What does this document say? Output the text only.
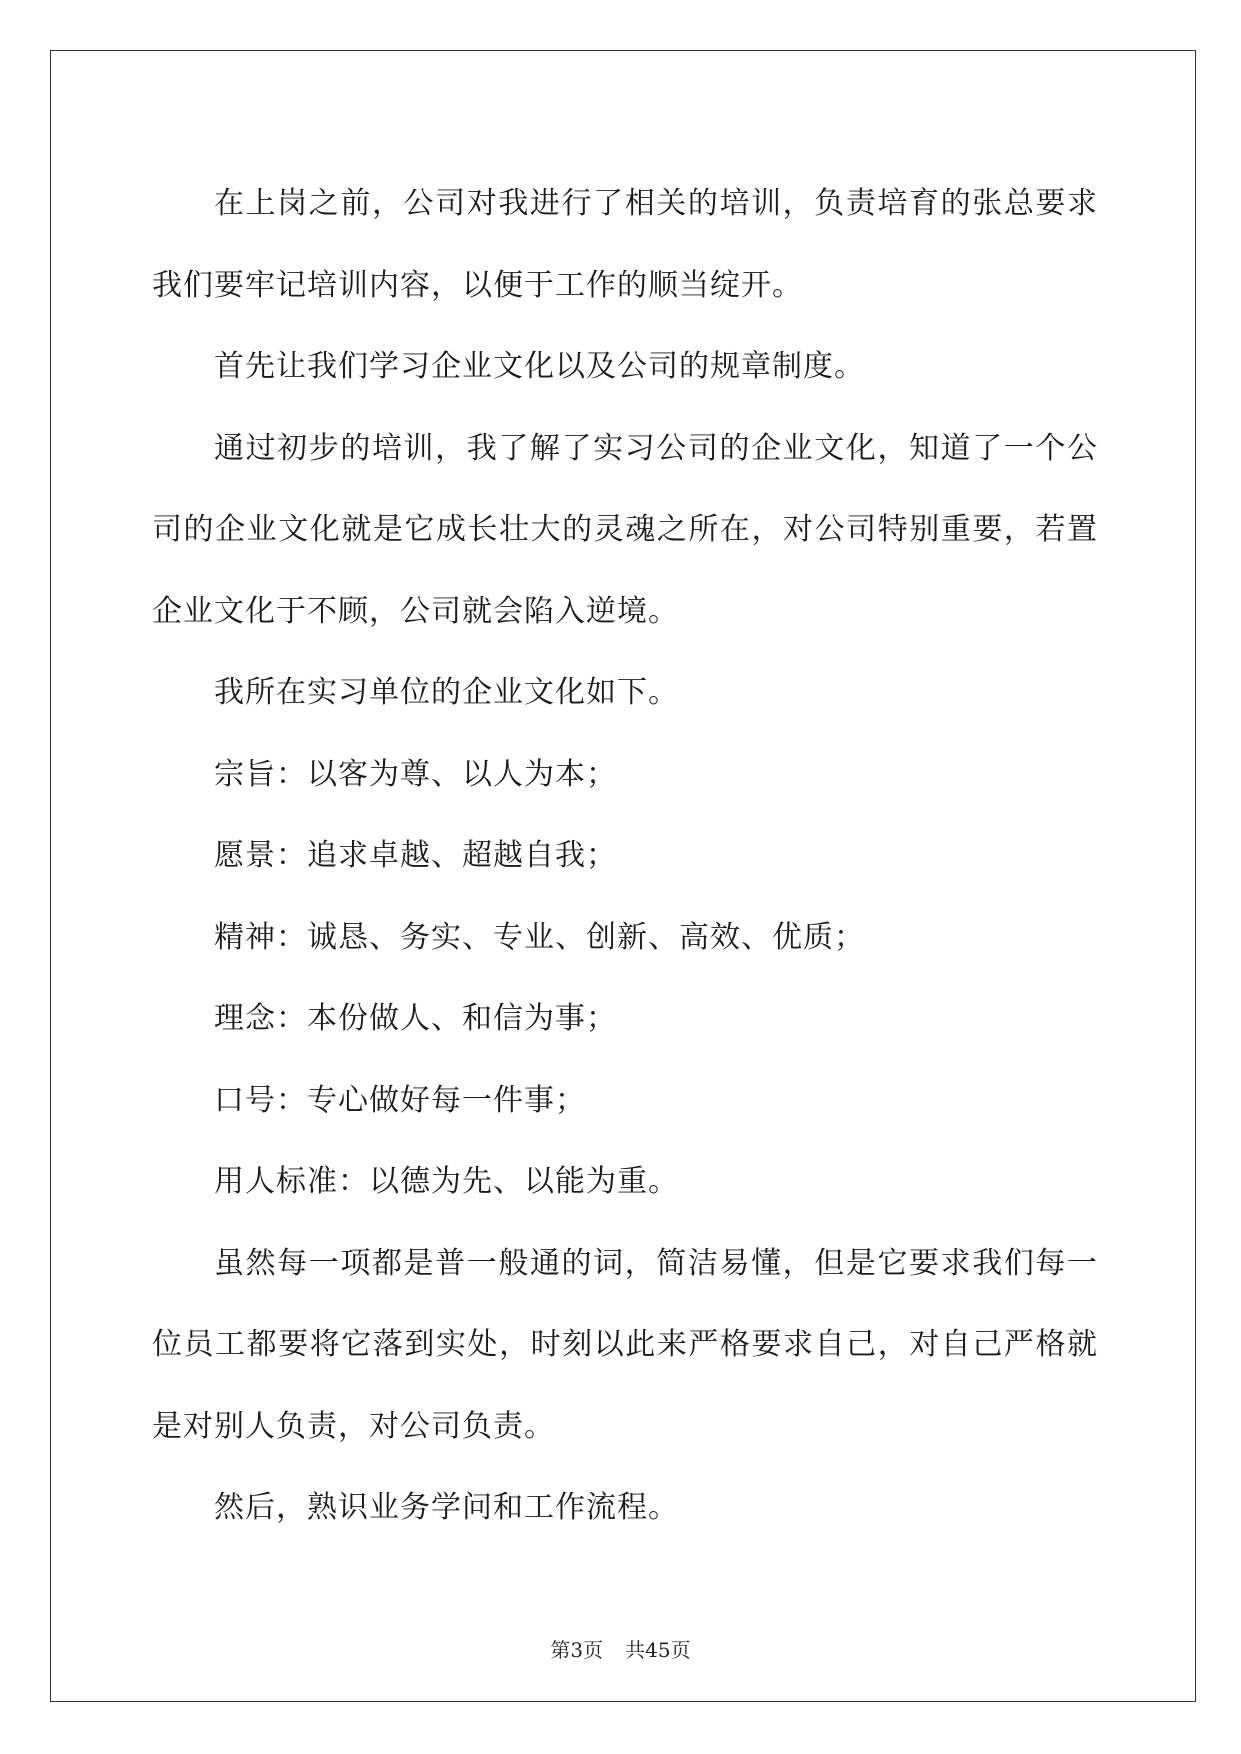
在上岗之前，公司对我进行了相关的培训，负责培育的张总要求我们要牢记培训内容，以便于工作的顺当绽开。

首先让我们学习企业文化以及公司的规章制度。

通过初步的培训，我了解了实习公司的企业文化，知道了一个公司的企业文化就是它成长壮大的灵魂之所在，对公司特别重要，若置企业文化于不顾，公司就会陷入逆境。

我所在实习单位的企业文化如下。

宗旨：以客为尊、以人为本；

愿景：追求卓越、超越自我；

精神：诚恳、务实、专业、创新、高效、优质；

理念：本份做人、和信为事；

口号：专心做好每一件事；

用人标准：以德为先、以能为重。

虽然每一项都是普一般通的词，简洁易懂，但是它要求我们每一位员工都要将它落到实处，时刻以此来严格要求自己，对自己严格就是对别人负责，对公司负责。

然后，熟识业务学问和工作流程。

第3页 共45页
